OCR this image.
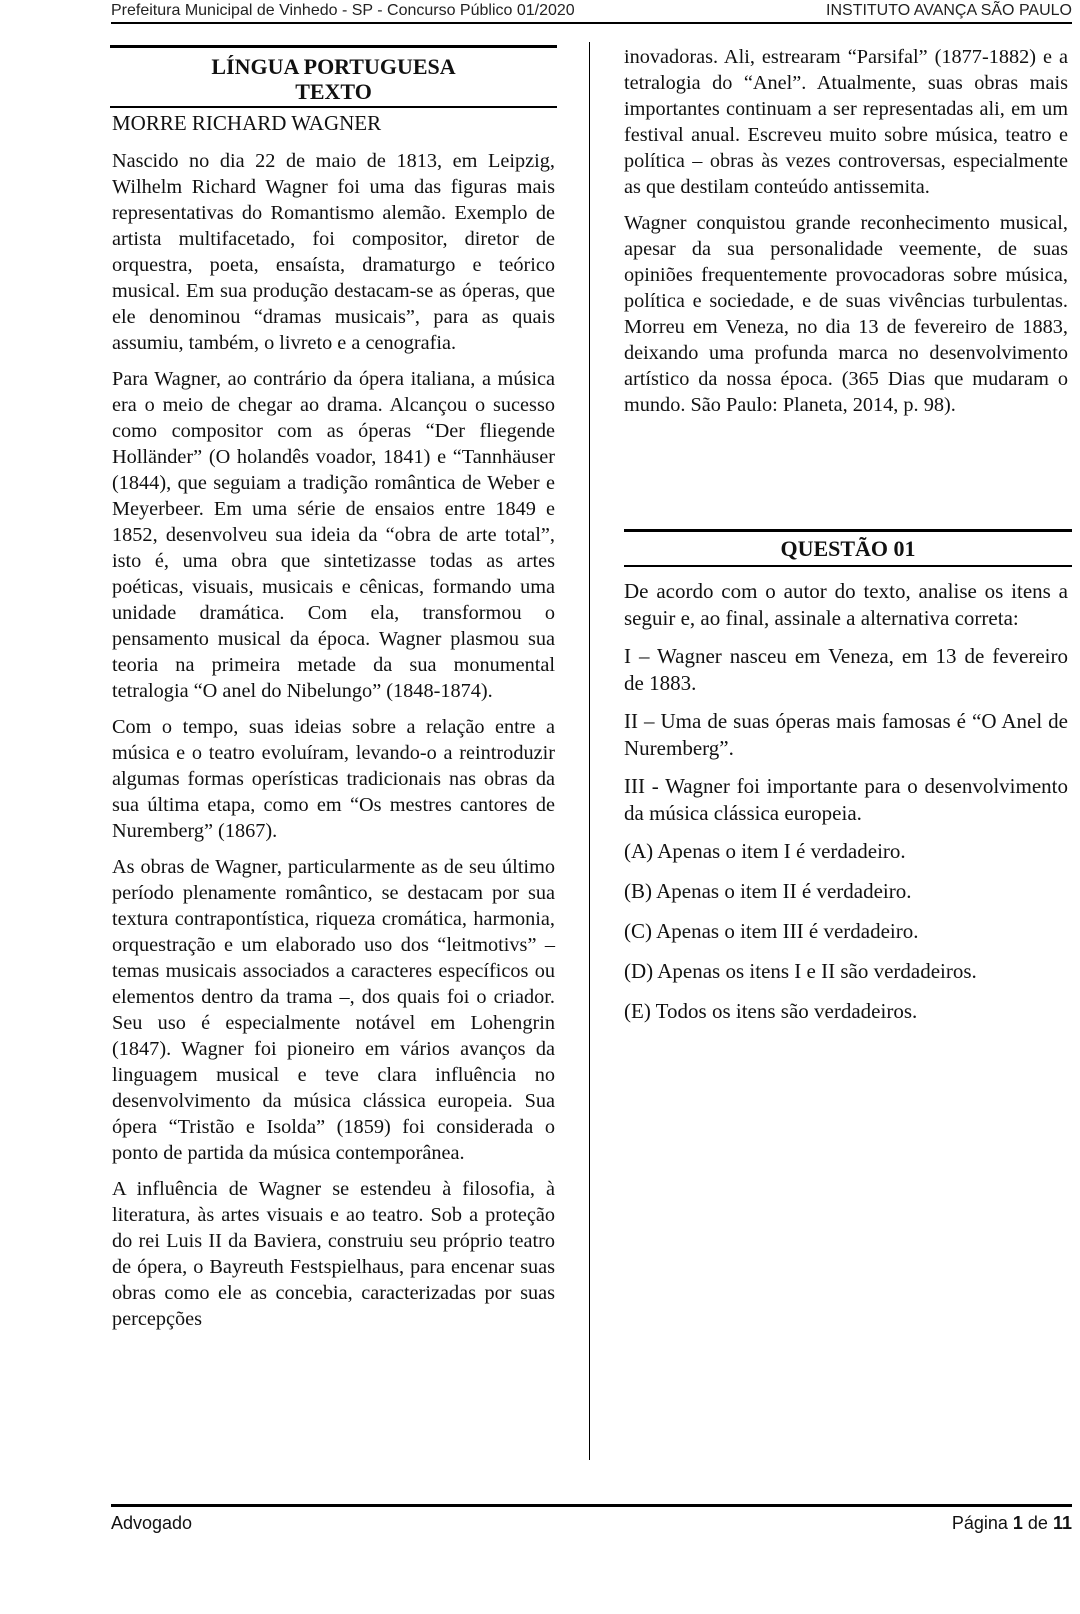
Prefeitura Municipal de Vinhedo - SP - Concurso Público 01/2020	INSTITUTO AVANÇA SÃO PAULO
LÍNGUA PORTUGUESA
TEXTO
MORRE RICHARD WAGNER

Nascido no dia 22 de maio de 1813, em Leipzig, Wilhelm Richard Wagner foi uma das figuras mais representativas do Romantismo alemão. Exemplo de artista multifacetado, foi compositor, diretor de orquestra, poeta, ensaísta, dramaturgo e teórico musical. Em sua produção destacam-se as óperas, que ele denominou “dramas musicais”, para as quais assumiu, também, o livreto e a cenografia.

Para Wagner, ao contrário da ópera italiana, a música era o meio de chegar ao drama. Alcançou o sucesso como compositor com as óperas “Der fliegende Holländer” (O holandês voador, 1841) e “Tannhäuser (1844), que seguiam a tradição romântica de Weber e Meyerbeer. Em uma série de ensaios entre 1849 e 1852, desenvolveu sua ideia da “obra de arte total”, isto é, uma obra que sintetizasse todas as artes poéticas, visuais, musicais e cênicas, formando uma unidade dramática. Com ela, transformou o pensamento musical da época. Wagner plasmou sua teoria na primeira metade da sua monumental tetralogia “O anel do Nibelungo” (1848-1874).

Com o tempo, suas ideias sobre a relação entre a música e o teatro evoluíram, levando-o a reintroduzir algumas formas operísticas tradicionais nas obras da sua última etapa, como em “Os mestres cantores de Nuremberg” (1867).

As obras de Wagner, particularmente as de seu último período plenamente romântico, se destacam por sua textura contrapontística, riqueza cromática, harmonia, orquestração e um elaborado uso dos “leitmotivs” – temas musicais associados a caracteres específicos ou elementos dentro da trama –, dos quais foi o criador. Seu uso é especialmente notável em Lohengrin (1847). Wagner foi pioneiro em vários avanços da linguagem musical e teve clara influência no desenvolvimento da música clássica europeia. Sua ópera “Tristão e Isolda” (1859) foi considerada o ponto de partida da música contemporânea.

A influência de Wagner se estendeu à filosofia, à literatura, às artes visuais e ao teatro. Sob a proteção do rei Luis II da Baviera, construiu seu próprio teatro de ópera, o Bayreuth Festspielhaus, para encenar suas obras como ele as concebia, caracterizadas por suas percepções

inovadoras. Ali, estrearam “Parsifal” (1877-1882) e a tetralogia do “Anel”. Atualmente, suas obras mais importantes continuam a ser representadas ali, em um festival anual. Escreveu muito sobre música, teatro e política – obras às vezes controversas, especialmente as que destilam conteúdo antissemita.

Wagner conquistou grande reconhecimento musical, apesar da sua personalidade veemente, de suas opiniões frequentemente provocadoras sobre música, política e sociedade, e de suas vivências turbulentas. Morreu em Veneza, no dia 13 de fevereiro de 1883, deixando uma profunda marca no desenvolvimento artístico da nossa época. (365 Dias que mudaram o mundo. São Paulo: Planeta, 2014, p. 98).

QUESTÃO 01

De acordo com o autor do texto, analise os itens a seguir e, ao final, assinale a alternativa correta:

I – Wagner nasceu em Veneza, em 13 de fevereiro de 1883.

II – Uma de suas óperas mais famosas é “O Anel de Nuremberg”.

III - Wagner foi importante para o desenvolvimento da música clássica europeia.

(A) Apenas o item I é verdadeiro.

(B) Apenas o item II é verdadeiro.

(C) Apenas o item III é verdadeiro.

(D) Apenas os itens I e II são verdadeiros.

(E) Todos os itens são verdadeiros.

Advogado	Página 1 de 11
